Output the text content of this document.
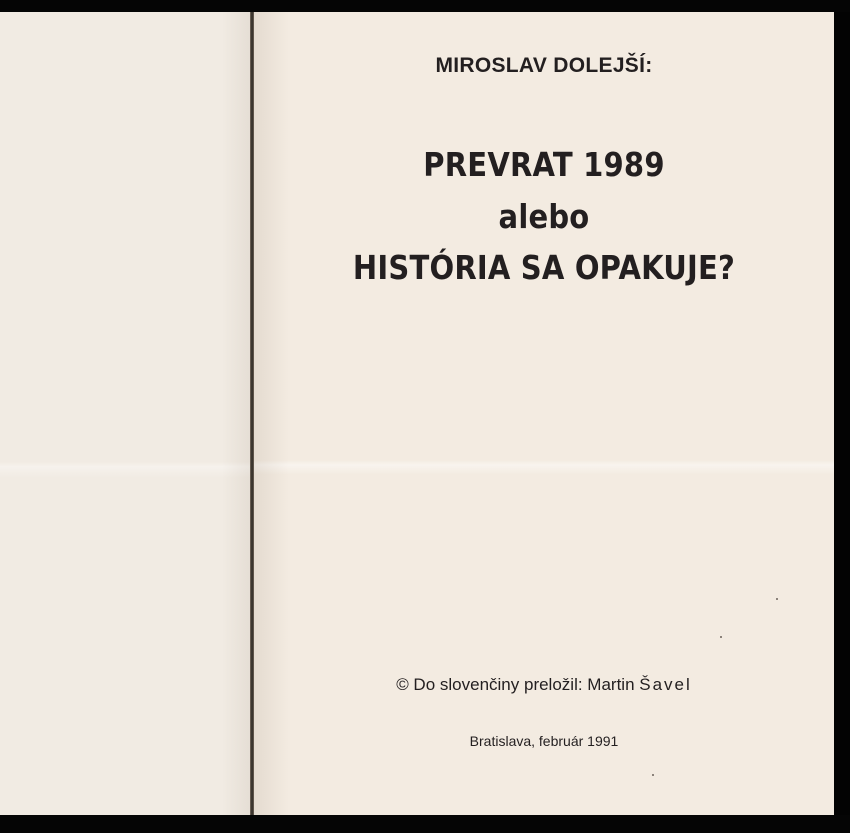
MIROSLAV DOLEJŠÍ:
PREVRAT 1989
alebo
HISTÓRIA SA OPAKUJE?
© Do slovenčiny preložil: Martin Šavel
Bratislava, február 1991
